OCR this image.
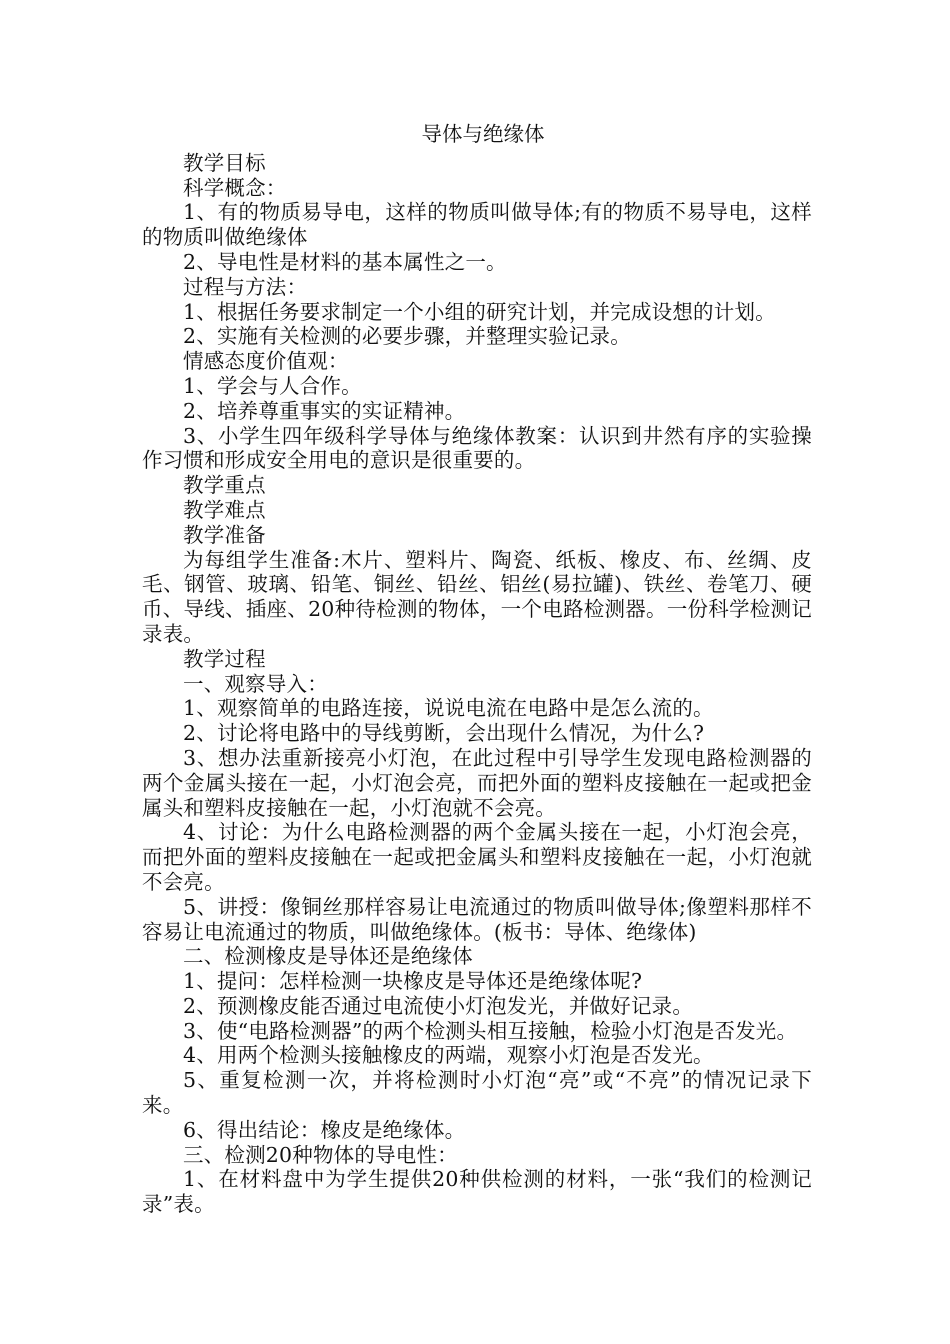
导体与绝缘体

教学目标

科学概念：

1、有的物质易导电，这样的物质叫做导体;有的物质不易导电，这样的物质叫做绝缘体

2、导电性是材料的基本属性之一。

过程与方法：

1、根据任务要求制定一个小组的研究计划，并完成设想的计划。

2、实施有关检测的必要步骤，并整理实验记录。

情感态度价值观：

1、学会与人合作。

2、培养尊重事实的实证精神。

3、小学生四年级科学导体与绝缘体教案：认识到井然有序的实验操作习惯和形成安全用电的意识是很重要的。

教学重点

教学难点

教学准备

为每组学生准备:木片、塑料片、陶瓷、纸板、橡皮、布、丝绸、皮毛、钢管、玻璃、铅笔、铜丝、铅丝、铝丝(易拉罐)、铁丝、卷笔刀、硬币、导线、插座、20种待检测的物体，一个电路检测器。一份科学检测记录表。

教学过程

一、观察导入：

1、观察简单的电路连接，说说电流在电路中是怎么流的。

2、讨论将电路中的导线剪断，会出现什么情况，为什么?

3、想办法重新接亮小灯泡，在此过程中引导学生发现电路检测器的两个金属头接在一起，小灯泡会亮，而把外面的塑料皮接触在一起或把金属头和塑料皮接触在一起，小灯泡就不会亮。

4、讨论：为什么电路检测器的两个金属头接在一起，小灯泡会亮，而把外面的塑料皮接触在一起或把金属头和塑料皮接触在一起，小灯泡就不会亮。

5、讲授：像铜丝那样容易让电流通过的物质叫做导体;像塑料那样不容易让电流通过的物质，叫做绝缘体。(板书：导体、绝缘体)

二、检测橡皮是导体还是绝缘体

1、提问：怎样检测一块橡皮是导体还是绝缘体呢?

2、预测橡皮能否通过电流使小灯泡发光，并做好记录。

3、使“电路检测器”的两个检测头相互接触，检验小灯泡是否发光。

4、用两个检测头接触橡皮的两端，观察小灯泡是否发光。

5、重复检测一次，并将检测时小灯泡“亮”或“不亮”的情况记录下来。

6、得出结论：橡皮是绝缘体。

三、检测20种物体的导电性：

1、在材料盘中为学生提供20种供检测的材料，一张“我们的检测记录”表。
